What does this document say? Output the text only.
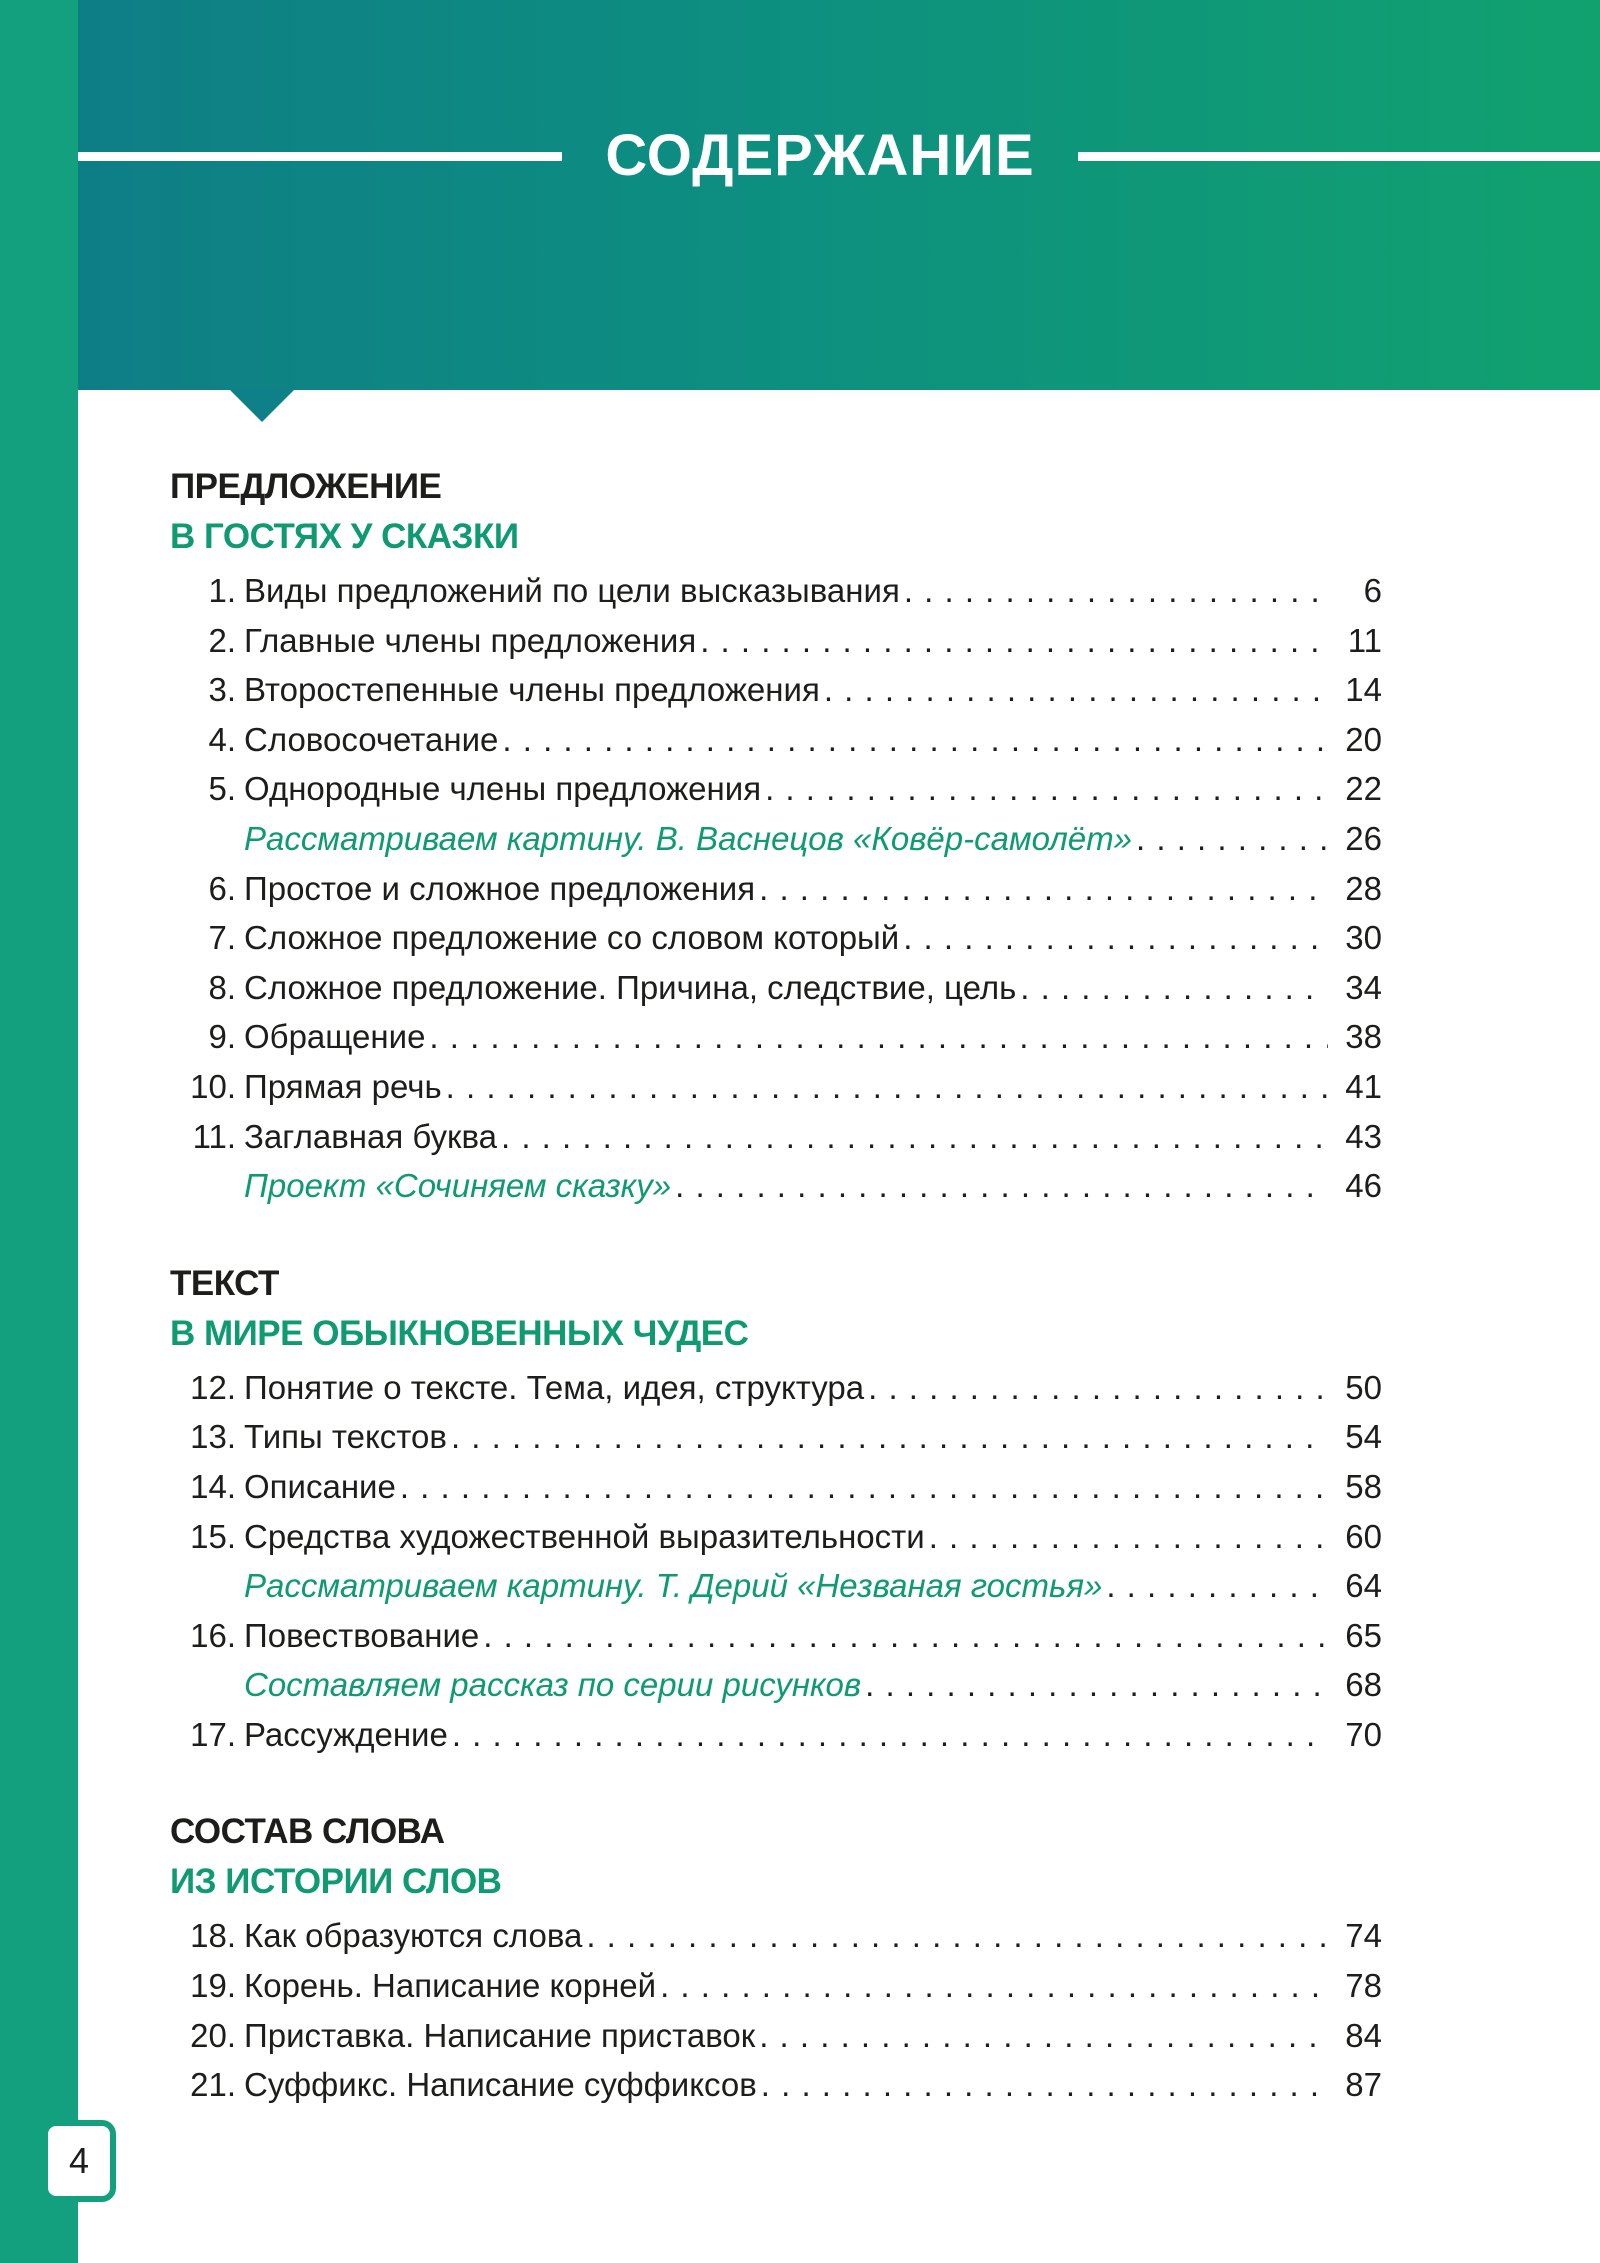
СОДЕРЖАНИЕ
ПРЕДЛОЖЕНИЕ
В ГОСТЯХ У СКАЗКИ
1. Виды предложений по цели высказывания . . .	6
2. Главные члены предложения . . .	11
3. Второстепенные члены предложения . . .	14
4. Словосочетание . . .	20
5. Однородные члены предложения . . .	22
Рассматриваем картину. В. Васнецов «Ковёр-самолёт» . . .	26
6. Простое и сложное предложения . . .	28
7. Сложное предложение со словом который . . .	30
8. Сложное предложение. Причина, следствие, цель . . .	34
9. Обращение . . .	38
10. Прямая речь . . .	41
11. Заглавная буква . . .	43
Проект «Сочиняем сказку» . . .	46
ТЕКСТ
В МИРЕ ОБЫКНОВЕННЫХ ЧУДЕС
12. Понятие о тексте. Тема, идея, структура . . .	50
13. Типы текстов . . .	54
14. Описание . . .	58
15. Средства художественной выразительности . . .	60
Рассматриваем картину. Т. Дерий «Незваная гостья» . . .	64
16. Повествование . . .	65
Составляем рассказ по серии рисунков . . .	68
17. Рассуждение . . .	70
СОСТАВ СЛОВА
ИЗ ИСТОРИИ СЛОВ
18. Как образуются слова . . .	74
19. Корень. Написание корней . . .	78
20. Приставка. Написание приставок . . .	84
21. Суффикс. Написание суффиксов . . .	87
4
